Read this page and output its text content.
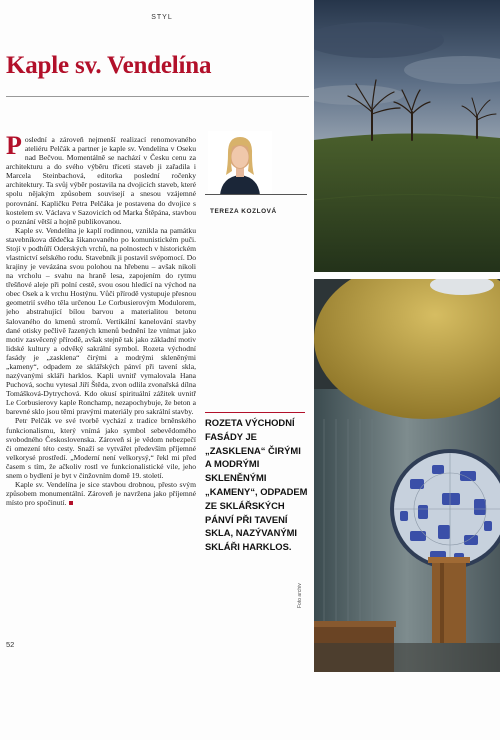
STYL
Kaple sv. Vendelína

Poslední a zároveň nejmenší realizací renomovaného ateliéru Pelčák a partner je kaple sv. Vendelína v Oseku nad Bečvou. Momentálně se nachází v Česku cenu za architekturu a do svého výběru třiceti staveb ji zařadila i Marcela Steinbachová, editorka poslední ročenky architektury. Ta svůj výběr postavila na dvojicích staveb, které spolu nějakým způsobem souvisejí a snesou vzájemné porovnání. Kapličku Petra Pelčáka je postavena do dvojice s kostelem sv. Václava v Sazovicích od Marka Štěpána, stavbou o poznání větší a hojně publikovanou.

Kaple sv. Vendelína je kaplí rodinnou, vznikla na památku stavebníkova dědečka šikanovaného po komunistickém puči. Stojí v podhůří Oderských vrchů, na polnostech v historickém vlastnictví selského rodu. Stavebník ji postavil svépomocí. Do krajiny je vevázána svou polohou na hřebenu – avšak nikoli na vrcholu – svahu na hraně lesa, zapojením do rytmu třešňové aleje při polní cestě, svou osou hledící na východ na obec Osek a k vrchu Hostýnu. Vůči přírodě vystupuje přesnou geometrií svého těla určenou Le Corbusierovým Modulorem, jeho abstrahující bílou barvou a materialitou betonu šalovaného do kmenů stromů. Vertikální kanelování stavby dané otisky pečlivě řazených kmenů bednění lze vnímat jako motiv zasvěcený přírodě, avšak stejně tak jako základní motiv lidské kultury a odvěký sakrální symbol. Rozeta východní fasády je „zasklena“ čirými a modrými skleněnými „kameny“, odpadem ze sklářských pánví při tavení skla, nazývanými skláři harklos. Kapli uvnitř vymalovala Hana Puchová, sochu vytesal Jiří Štěda, zvon odlila zvonařská dílna Tomášková-Dytrychová. Kdo okusí spirituální zážitek uvnitř Le Corbusierovy kaple Ronchamp, nezapochybuje, že beton a barevné sklo jsou těmi pravými materiály pro sakrální stavby.

Petr Pelčák ve své tvorbě vychází z tradice brněnského funkcionalismu, který vnímá jako symbol sebevědomého svobodného Československa. Zároveň si je vědom nebezpečí či omezení této cesty. Snaží se vytvářet především příjemné velkorysé prostředí. „Moderní není velkorysý,“ řekl mi před časem s tím, že ačkoliv rostl ve funkcionalistické vile, jeho snem o bydlení je byt v činžovním domě 19. století.

Kaple sv. Vendelína je sice stavbou drobnou, přesto svým způsobem monumentální. Zároveň je navržena jako příjemné místo pro spočinutí.

TEREZA KOZLOVÁ

ROZETA VÝCHODNÍ FASÁDY JE „ZASKLENA“ ČIRÝMI A MODRÝMI SKLENĚNÝMI „KAMENY“, ODPADEM ZE SKLÁŘSKÝCH PÁNVÍ PŘI TAVENÍ SKLA, NAZÝVANÝMI SKLÁŘI HARKLOS.

Foto archiv
52
